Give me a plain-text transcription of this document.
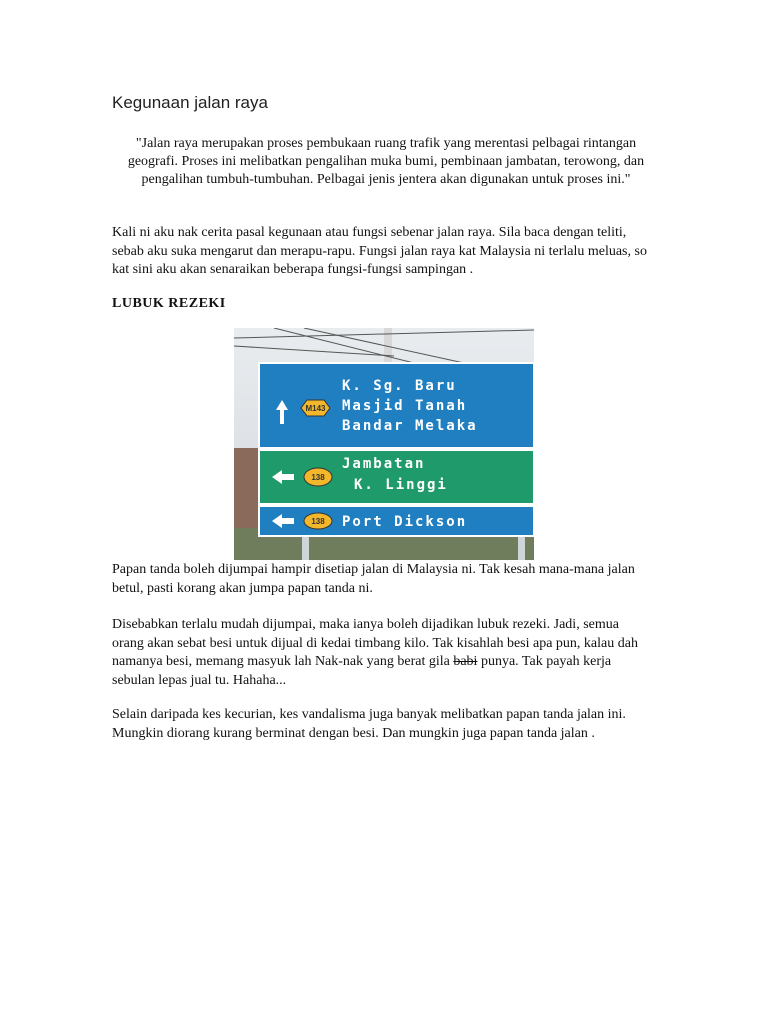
Kegunaan jalan raya

"Jalan raya merupakan proses pembukaan ruang trafik yang merentasi pelbagai rintangan geografi. Proses ini melibatkan pengalihan muka bumi, pembinaan jambatan, terowong, dan pengalihan tumbuh-tumbuhan. Pelbagai jenis jentera akan digunakan untuk proses ini."

Kali ni aku nak cerita pasal kegunaan atau fungsi sebenar jalan raya. Sila baca dengan teliti, sebab aku suka mengarut dan merapu-rapu. Fungsi jalan raya kat Malaysia ni terlalu meluas, so kat sini aku akan senaraikan beberapa fungsi-fungsi sampingan .

LUBUK REZEKI

M143
K. Sg. Baru
Masjid Tanah
Bandar Melaka
138
Jambatan
K. Linggi
138 Port Dickson

Papan tanda boleh dijumpai hampir disetiap jalan di Malaysia ni. Tak kesah mana-mana jalan betul, pasti korang akan jumpa papan tanda ni.

Disebabkan terlalu mudah dijumpai, maka ianya boleh dijadikan lubuk rezeki. Jadi, semua orang akan sebat besi untuk dijual di kedai timbang kilo. Tak kisahlah besi apa pun, kalau dah namanya besi, memang masyuk lah Nak-nak yang berat gila babi punya. Tak payah kerja sebulan lepas jual tu. Hahaha...

Selain daripada kes kecurian, kes vandalisma juga banyak melibatkan papan tanda jalan ini. Mungkin diorang kurang berminat dengan besi. Dan mungkin juga papan tanda jalan .
